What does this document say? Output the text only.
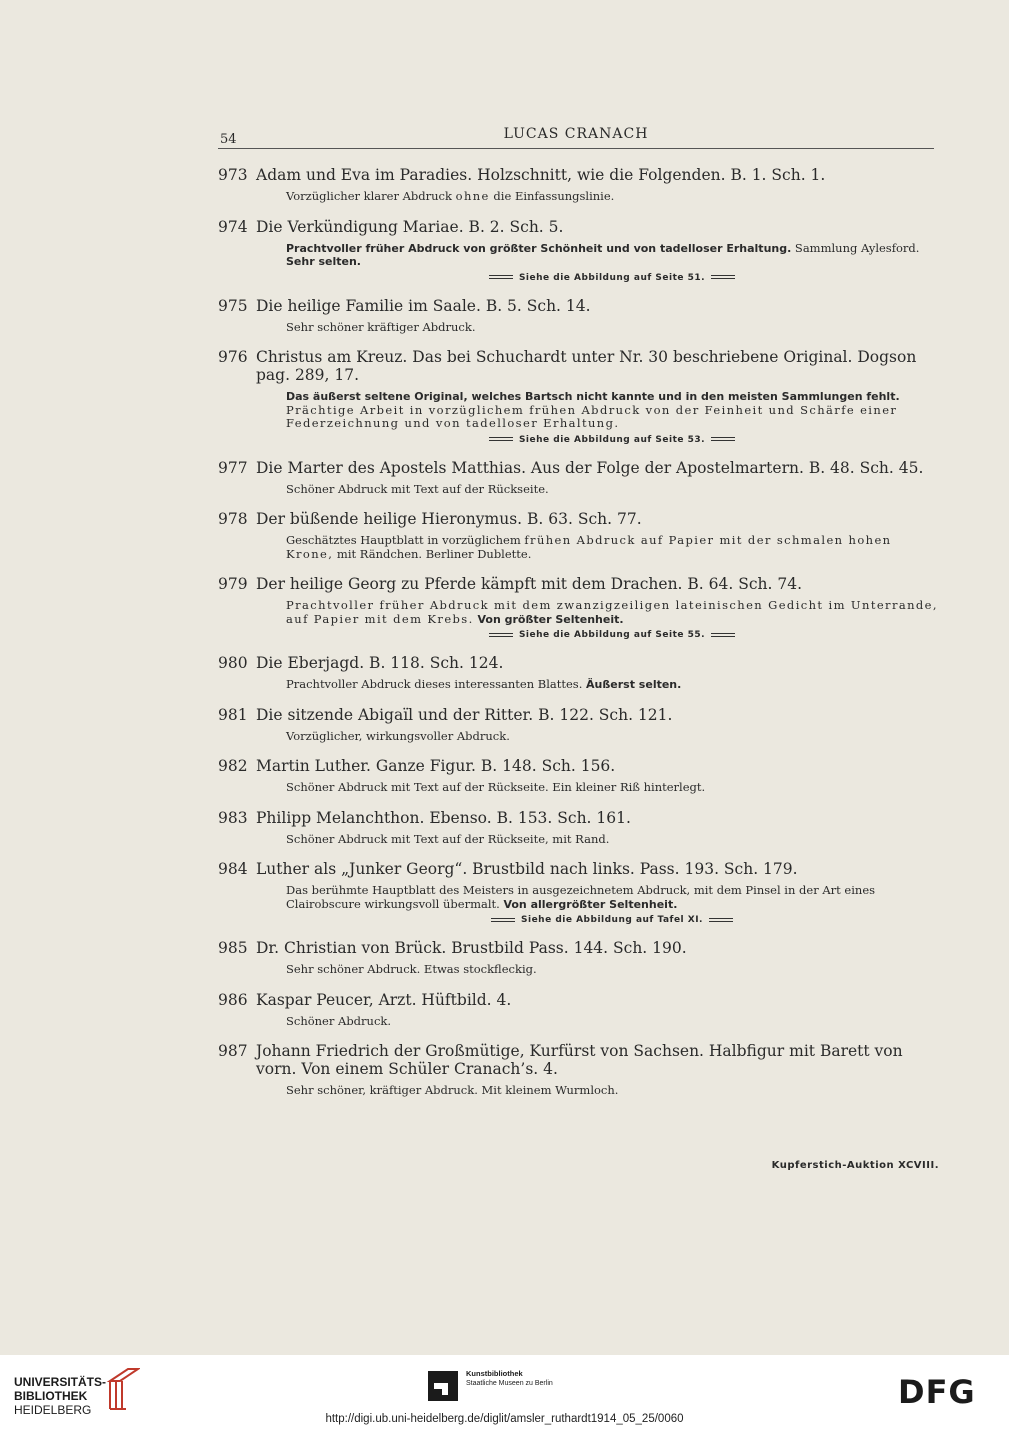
54	LUCAS CRANACH
973 Adam und Eva im Paradies. Holzschnitt, wie die Folgenden. B. 1. Sch. 1.
Vorzüglicher klarer Abdruck ohne die Einfassungslinie.
974 Die Verkündigung Mariae. B. 2. Sch. 5.
Prachtvoller früher Abdruck von größter Schönheit und von tadelloser Erhaltung. Sammlung Aylesford. Sehr selten.
Siehe die Abbildung auf Seite 51.
975 Die heilige Familie im Saale. B. 5. Sch. 14.
Sehr schöner kräftiger Abdruck.
976 Christus am Kreuz. Das bei Schuchardt unter Nr. 30 beschriebene Original. Dogson pag. 289, 17.
Das äußerst seltene Original, welches Bartsch nicht kannte und in den meisten Sammlungen fehlt. Prächtige Arbeit in vorzüglichem frühen Abdruck von der Feinheit und Schärfe einer Federzeichnung und von tadelloser Erhaltung.
Siehe die Abbildung auf Seite 53.
977 Die Marter des Apostels Matthias. Aus der Folge der Apostelmartern. B. 48. Sch. 45.
Schöner Abdruck mit Text auf der Rückseite.
978 Der büßende heilige Hieronymus. B. 63. Sch. 77.
Geschätztes Hauptblatt in vorzüglichem frühen Abdruck auf Papier mit der schmalen hohen Krone, mit Rändchen. Berliner Dublette.
979 Der heilige Georg zu Pferde kämpft mit dem Drachen. B. 64. Sch. 74.
Prachtvoller früher Abdruck mit dem zwanzigzeiligen lateinischen Gedicht im Unterrande, auf Papier mit dem Krebs. Von größter Seltenheit.
Siehe die Abbildung auf Seite 55.
980 Die Eberjagd. B. 118. Sch. 124.
Prachtvoller Abdruck dieses interessanten Blattes. Äußerst selten.
981 Die sitzende Abigaïl und der Ritter. B. 122. Sch. 121.
Vorzüglicher, wirkungsvoller Abdruck.
982 Martin Luther. Ganze Figur. B. 148. Sch. 156.
Schöner Abdruck mit Text auf der Rückseite. Ein kleiner Riß hinterlegt.
983 Philipp Melanchthon. Ebenso. B. 153. Sch. 161.
Schöner Abdruck mit Text auf der Rückseite, mit Rand.
984 Luther als „Junker Georg“. Brustbild nach links. Pass. 193. Sch. 179.
Das berühmte Hauptblatt des Meisters in ausgezeichnetem Abdruck, mit dem Pinsel in der Art eines Clairobscure wirkungsvoll übermalt. Von allergrößter Seltenheit.
Siehe die Abbildung auf Tafel XI.
985 Dr. Christian von Brück. Brustbild Pass. 144. Sch. 190.
Sehr schöner Abdruck. Etwas stockfleckig.
986 Kaspar Peucer, Arzt. Hüftbild. 4.
Schöner Abdruck.
987 Johann Friedrich der Großmütige, Kurfürst von Sachsen. Halbfigur mit Barett von vorn. Von einem Schüler Cranach’s. 4.
Sehr schöner, kräftiger Abdruck. Mit kleinem Wurmloch.
Kupferstich-Auktion XCVIII.
UNIVERSITÄTS-
BIBLIOTHEK
HEIDELBERG
Kunstbibliothek
Staatliche Museen zu Berlin	DFG
http://digi.ub.uni-heidelberg.de/diglit/amsler_ruthardt1914_05_25/0060
